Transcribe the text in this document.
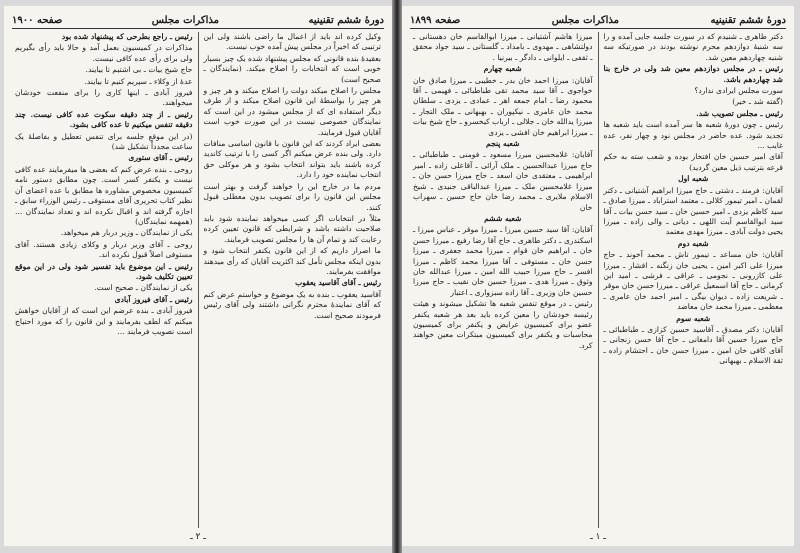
دورهٔ ششم تقنینیه
مذاکرات مجلس
صفحه ۱۹۰۰

وکیل کرده اند باید از اعمال ما راضی باشند ولی این ترتیبی که اخیراً در مجلس پیش آمده خوب نیست.

بعقیدهٔ بنده قانونی که مجلس پیشنهاد شده یک چیز بسیار خوبی است که انتخابات را اصلاح میکند. (نمایندگان ـ صحیح است)

مجلس را اصلاح میکند دولت را اصلاح میکند و هر چیز و هر چیز را بواسطهٔ این قانون اصلاح میکند و از طرف دیگر استفاده ای که از مجلس میشود در این است که نمایندگان خصوصی نیست در این صورت خوب است آقایان قبول فرمایند.

بعضی ایراد کردند که این قانون با قانون اساسی منافات دارد. ولی بنده عرض میکنم اگر کسی را با ترتیب کاندید کرده باشند باید بتواند انتخاب بشود و هر موکلی حق انتخاب نماینده خود را دارد.

مردم ما در خارج این را خواهند گرفت و بهتر است مجلس این قانون را برای تصویب بدون معطلی قبول کنند.

مثلاً در انتخابات اگر کسی میخواهد نماینده شود باید صلاحیت داشته باشد و شرایطی که قانون تعیین کرده رعایت کند و تمام آن ها را مجلس تصویب فرمایند.

ما اصرار داریم که از این قانون یکنفر انتخاب شود و بدون اینکه مجلس تأمل کند اکثریت آقایان که رأی میدهند موافقت بفرمایند.

رئیس ـ آقای آقاسید یعقوب

آقاسید یعقوب ـ بنده به یک موضوع و خواستم عرض کنم که آقای نمایندهٔ محترم نگرانی داشتند ولی آقای رئیس فرمودند صحیح است.

رئیس ـ راجع بطرحی که پیشنهاد شده بود

مذاکرات در کمیسیون بعمل آمد و حالا باید رأی بگیریم ولی برای رأی عده کافی نیست.

حاج شیخ بیات ـ بی اشتیم تا بیایند.

عدهٔ از وکلاء ـ سپریم کنیم تا بیایند.

فیروز آبادی ـ اینها کاری را برای منفعت خودشان میخواهند.

رئیس ـ از چند دقیقه سکوت عده کافی نیست. چند دقیقه تنفس میکنیم تا عده کافی بشود.

(در این موقع جلسه برای تنفس تعطیل و بفاصلهٔ یک ساعت مجدداً تشکیل شد)

رئیس ـ آقای ستوری

روحی ـ بنده عرض کنم که بعضی ها میفرمایند عده کافی نیست و یکنفر کسر است. چون مطابق دستور نامه کمیسیون مخصوص مشاوره ها مطابق با عده اعضای آن نظیر کتاب تحریری آقای مستوفی ـ رئیس الوزراء سابق ـ اجازه گرفته اند و اقبال نکرده اند و تعداد نمایندگان ... (همهمه نمایندگان)

یکی از نمایندگان ـ وزیر دربار هم میخواهد.

روحی ـ آقای وزیر دربار و وکلای زیادی هستند. آقای مستوفی اصلاً قبول نکرده اند.

رئیس ـ این موضوع باید تفسیر شود ولی در این موقع تعیین تکلیف شود.

یکی از نمایندگان ـ صحیح است.

رئیس ـ آقای فیروز آبادی

فیروز آبادی ـ بنده عرضم این است که از آقایان خواهش میکنم که لطف بفرمایند و این قانون را که مورد احتیاج است تصویب فرمایند ...

ـ ۲ ـ
دورهٔ ششم تقنینیه
مذاکرات مجلس
صفحه ۱۸۹۹

دکتر طاهری ـ شنیدم که در سورت جلسه جایی آمده و را سه شنبهٔ دوازدهم محرم نوشته بودند در صورتیکه سه شنبه چهاردهم معین شد.

رئیس ـ در مجلس دوازدهم معین شد ولی در خارج بنا شد چهاردهم باشد.

سورت مجلس ایرادی ندارد؟

(گفته شد ـ خیر)

رئیس ـ مجلس تصویب شد.

رئیس ـ چون دورهٔ شعبه ها سر آمده است باید شعبه ها تجدید شود. عده حاضر در مجلس نود و چهار نفر، عده غایب ...

آقای امیر حسین خان افتخار بوده و شعب سته به حکم قرعه بترتیب ذیل معین گردید)

شعبه اول

آقایان: فرمند ـ دشتی ـ حاج میرزا ابراهیم آشتیانی ـ دکتر لقمان ـ امیر تیمور کلالی ـ معتمد استراباد ـ میرزا صادق ـ سید کاظم یزدی ـ امیر حسین خان ـ سید حسن بیات ـ آقا سید ابوالقاسم آیت اللهی ـ دیانی ـ والی زاده ـ میرزا یحیی دولت آبادی ـ میرزا مهدی معتمد

شعبه دوم

آقایان: خان مساعد ـ تیمور تاش ـ محمد آخوند ـ حاج میرزا علی اکبر امین ـ یحیی خان زنگنه ـ افشار ـ میرزا علی کازرونی ـ نجومی ـ عراقی ـ فرشی ـ امید ابن کرمانی ـ حاج آقا اسمعیل عراقی ـ میرزا حسن خان موقر ـ شریعت زاده ـ دیوان بیگی ـ امیر احمد خان عامری ـ معظمی ـ میرزا محمد خان معاضد

شعبه سوم

آقایان: دکتر مصدق ـ آقاسید حسین کزازی ـ طباطبائی ـ حاج میرزا حسین آقا دامغانی ـ حاج آقا حسن زنجانی ـ آقای کافی خان امین ـ میرزا حسن خان ـ احتشام زاده ـ ثقة الاسلام ـ بهبهانی

میرزا هاشم آشتیانی ـ میرزا ابوالقاسم خان دهستانی ـ دولتشاهی ـ مهدوی ـ بامداد ـ گلستانی ـ سید جواد محقق ـ ثقفی ـ ایلوانی ـ دادگر ـ بیرنیا .

شعبه چهارم

آقایان: میرزا احمد خان بدر ـ خطیبی ـ میرزا صادق خان خواجوی ـ آقا سید محمد تقی طباطبائی ـ فهیمی ـ آقا محمود رضا ـ امام جمعه اهر ـ عمادی ـ یزدی ـ سلطان محمد خان عامری ـ نیکپوران ـ بهبهانی ـ ملک التجار ـ میرزا یدالله خان ـ جلالی ـ ارباب کیخسرو ـ حاج شیخ بیات ـ میرزا ابراهیم خان افشی ـ یزدی

شعبه پنجم

آقایان: غلامحسین میرزا مسعود ـ فومنی ـ طباطبائی ـ حاج میرزا عبدالحسین ـ ملک آرائی ـ آقاعلی زاده ـ امیر ابراهیمی ـ معتقدی خان اسعد ـ حاج میرزا حسن خان ـ میرزا غلامحسین ملک ـ میرزا عبدالباقی جنیدی ـ شیخ الاسلام ملایری ـ محمد رضا خان حاج حسین ـ سهراب خان

شعبه ششم

آقایان: آقا سید حسین میرزا ـ میرزا موقر ـ عباس میرزا ـ اسکندری ـ دکتر طاهری ـ حاج آقا رضا رفیع ـ میرزا حسن خان ـ ابراهیم خان قوام ـ میرزا محمد جعفری ـ میرزا حسن خان ـ مستوفی ـ آقا میرزا محمد کاظم ـ میرزا افسر ـ حاج میرزا حبیب الله امین ـ میرزا عبدالله خان وثوق ـ میرزا هدی ـ میرزا حسین خان نقیب ـ حاج میرزا حسین خان وزیری ـ آقا زاده سبزواری ـ اعتبار

رئیس ـ در موقع تنفس شعبه ها تشکیل میشوند و هیئت رئیسه خودشان را معین کرده باید بعد هر شعبه یکنفر عضو برای کمیسیون عرایض و یکنفر برای کمیسیون محاسبات و یکنفر برای کمیسیون مبتکرات معین خواهند کرد.

ـ ۱ ـ
